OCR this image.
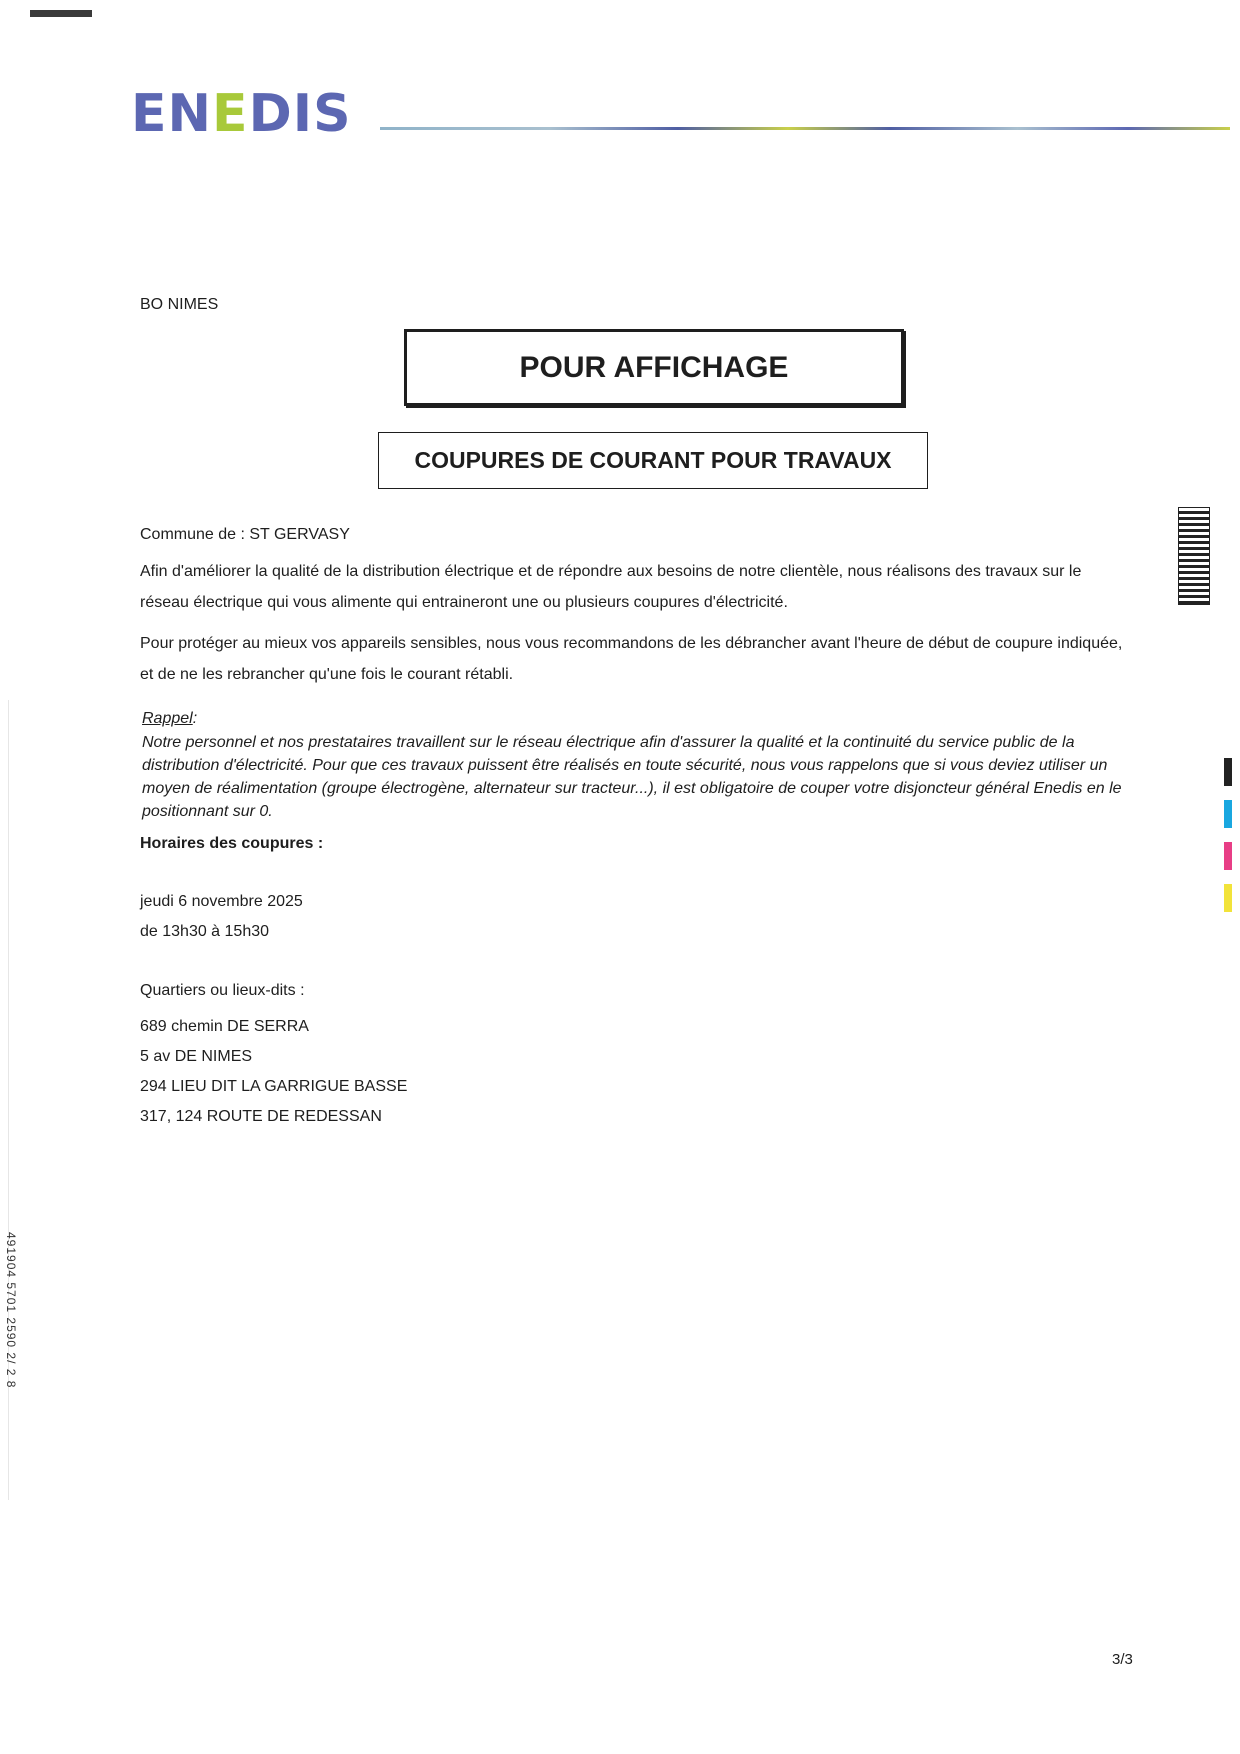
ENEDIS
BO NIMES
POUR AFFICHAGE
COUPURES DE COURANT POUR TRAVAUX
Commune de : ST GERVASY
Afin d'améliorer la qualité de la distribution électrique et de répondre aux besoins de notre clientèle, nous réalisons des travaux sur le réseau électrique qui vous alimente qui entraineront une ou plusieurs coupures d'électricité.
Pour protéger au mieux vos appareils sensibles, nous vous recommandons de les débrancher avant l'heure de début de coupure indiquée, et de ne les rebrancher qu'une fois le courant rétabli.
Rappel:
Notre personnel et nos prestataires travaillent sur le réseau électrique afin d'assurer la qualité et la continuité du service public de la distribution d'électricité. Pour que ces travaux puissent être réalisés en toute sécurité, nous vous rappelons que si vous deviez utiliser un moyen de réalimentation (groupe électrogène, alternateur sur tracteur...), il est obligatoire de couper votre disjoncteur général Enedis en le positionnant sur 0.
Horaires des coupures :
jeudi 6 novembre 2025
de 13h30 à 15h30
Quartiers ou lieux-dits :
689 chemin DE SERRA
5 av DE NIMES
294 LIEU DIT LA GARRIGUE BASSE
317, 124 ROUTE DE REDESSAN
491904 5701 2590 2/ 2 8
3/3
